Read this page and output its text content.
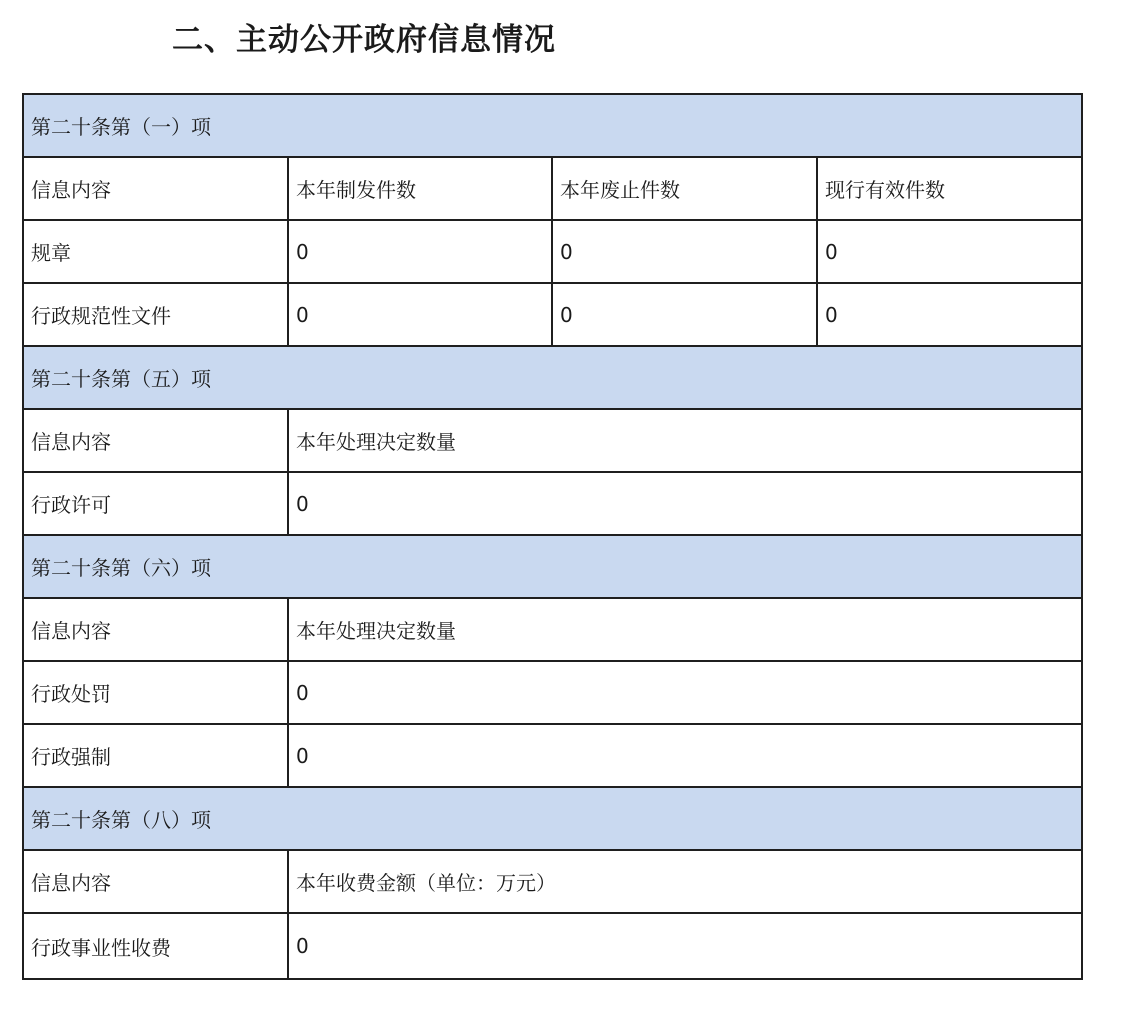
二、主动公开政府信息情况
第二十条第（一）项			
信息内容	本年制发件数	本年废止件数	现行有效件数
规章	0	0	0
行政规范性文件	0	0	0
第二十条第（五）项			
信息内容	本年处理决定数量		
行政许可	0		
第二十条第（六）项			
信息内容	本年处理决定数量		
行政处罚	0		
行政强制	0		
第二十条第（八）项			
信息内容	本年收费金额（单位：万元）		
行政事业性收费	0		
